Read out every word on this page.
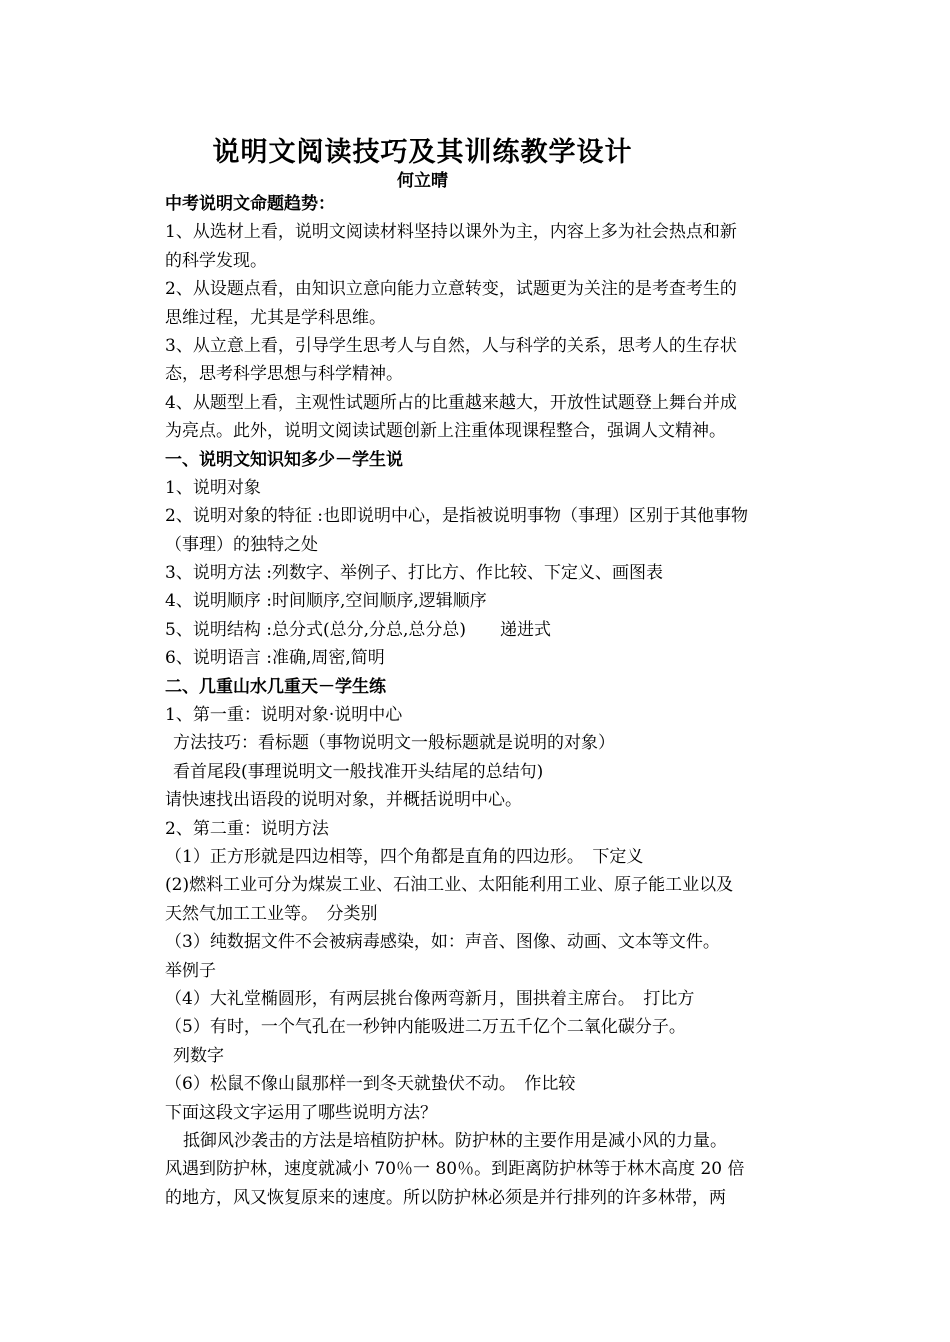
说明文阅读技巧及其训练教学设计
何立晴
中考说明文命题趋势：
1、从选材上看，说明文阅读材料坚持以课外为主，内容上多为社会热点和新
的科学发现。
2、从设题点看，由知识立意向能力立意转变，试题更为关注的是考查考生的
思维过程，尤其是学科思维。
3、从立意上看，引导学生思考人与自然，人与科学的关系，思考人的生存状
态，思考科学思想与科学精神。
4、从题型上看，主观性试题所占的比重越来越大，开放性试题登上舞台并成
为亮点。此外，说明文阅读试题创新上注重体现课程整合，强调人文精神。
一、说明文知识知多少－学生说
1、说明对象
2、说明对象的特征 :也即说明中心，是指被说明事物（事理）区别于其他事物
（事理）的独特之处
3、说明方法 :列数字、举例子、打比方、作比较、下定义、画图表
4、说明顺序 :时间顺序,空间顺序,逻辑顺序
5、说明结构 :总分式(总分,分总,总分总)　　递进式
6、说明语言 :准确,周密,简明
二、几重山水几重天－学生练
1、第一重：说明对象·说明中心
方法技巧：看标题（事物说明文一般标题就是说明的对象）
看首尾段(事理说明文一般找准开头结尾的总结句)
请快速找出语段的说明对象，并概括说明中心。
2、第二重：说明方法
（1）正方形就是四边相等，四个角都是直角的四边形。　下定义
(2)燃料工业可分为煤炭工业、石油工业、太阳能利用工业、原子能工业以及
天然气加工工业等。　分类别
（3）纯数据文件不会被病毒感染，如：声音、图像、动画、文本等文件。
举例子
（4）大礼堂椭圆形，有两层挑台像两弯新月，围拱着主席台。　打比方
（5）有时，一个气孔在一秒钟内能吸进二万五千亿个二氧化碳分子。
列数字
（6）松鼠不像山鼠那样一到冬天就蛰伏不动。　作比较
下面这段文字运用了哪些说明方法？
抵御风沙袭击的方法是培植防护林。防护林的主要作用是减小风的力量。
风遇到防护林，速度就减小 70％一 80％。到距离防护林等于林木高度 20 倍
的地方，风又恢复原来的速度。所以防护林必须是并行排列的许多林带，两
